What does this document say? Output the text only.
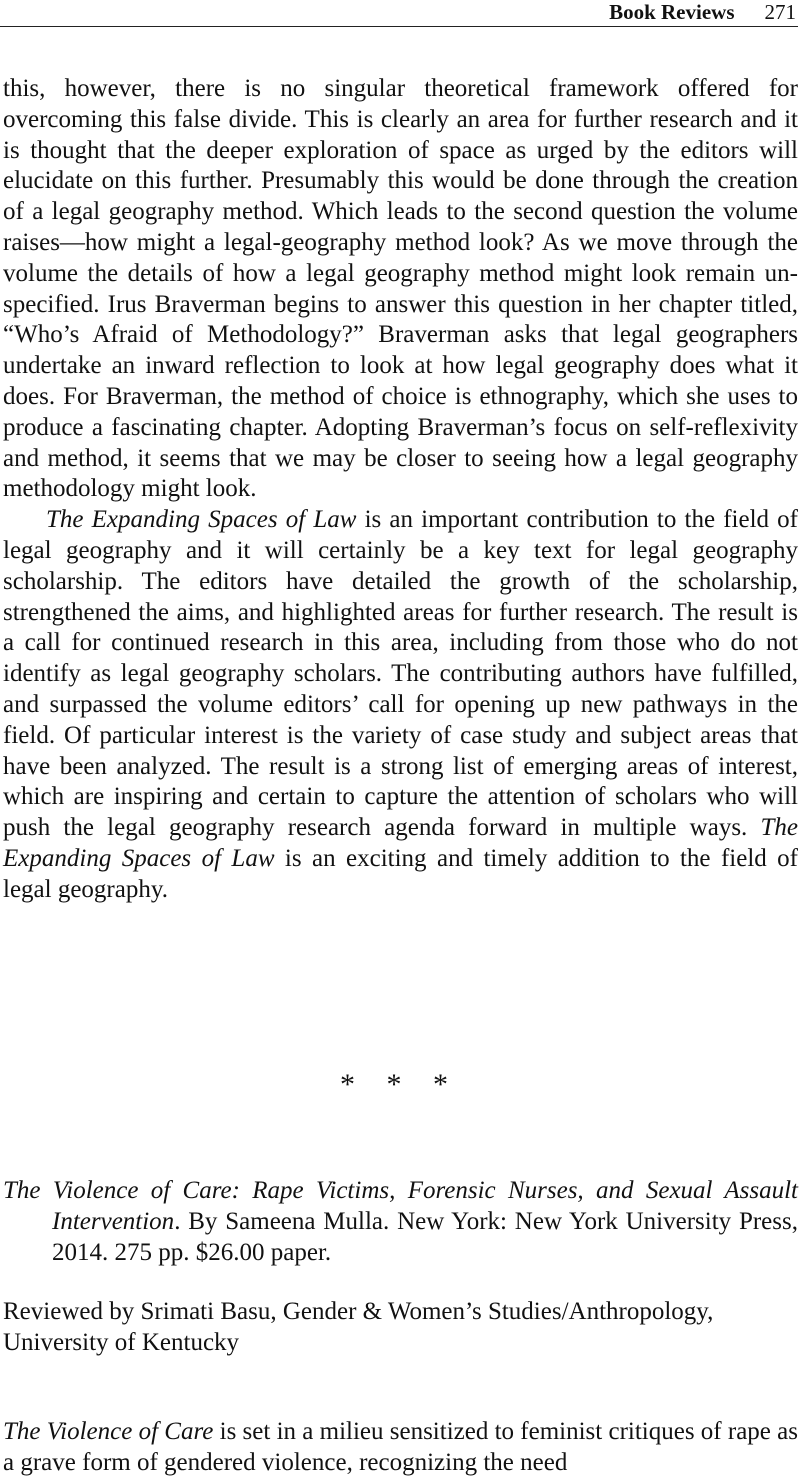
Book Reviews 271

this, however, there is no singular theoretical framework offered for overcoming this false divide. This is clearly an area for further research and it is thought that the deeper exploration of space as urged by the editors will elucidate on this further. Presumably this would be done through the creation of a legal geography method. Which leads to the second question the volume raises—how might a legal-geography method look? As we move through the volume the details of how a legal geography method might look remain un-specified. Irus Braverman begins to answer this question in her chapter titled, “Who’s Afraid of Methodology?” Braverman asks that legal geographers undertake an inward reflection to look at how legal geography does what it does. For Braverman, the method of choice is ethnography, which she uses to produce a fascinating chapter. Adopting Braverman’s focus on self-reflexivity and method, it seems that we may be closer to seeing how a legal geography methodology might look.

The Expanding Spaces of Law is an important contribution to the field of legal geography and it will certainly be a key text for legal geography scholarship. The editors have detailed the growth of the scholarship, strengthened the aims, and highlighted areas for further research. The result is a call for continued research in this area, including from those who do not identify as legal geography scholars. The contributing authors have fulfilled, and surpassed the volume editors’ call for opening up new pathways in the field. Of particular interest is the variety of case study and subject areas that have been analyzed. The result is a strong list of emerging areas of interest, which are inspiring and certain to capture the attention of scholars who will push the legal geography research agenda forward in multiple ways. The Expanding Spaces of Law is an exciting and timely addition to the field of legal geography.

* * *
The Violence of Care: Rape Victims, Forensic Nurses, and Sexual Assault Intervention. By Sameena Mulla. New York: New York University Press, 2014. 275 pp. $26.00 paper.
Reviewed by Srimati Basu, Gender & Women’s Studies/Anthropology, University of Kentucky
The Violence of Care is set in a milieu sensitized to feminist critiques of rape as a grave form of gendered violence, recognizing the need
